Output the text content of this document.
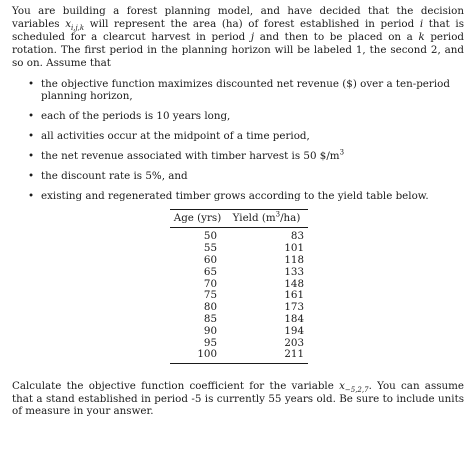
You are building a forest planning model, and have decided that the decision variables $x_{i,j,k}$ will represent the area (ha) of forest established in period i that is scheduled for a clearcut harvest in period j and then to be placed on a k period rotation. The first period in the planning horizon will be labeled 1, the second 2, and so on. Assume that

• the objective function maximizes discounted net revenue ($) over a ten-period planning horizon,
• each of the periods is 10 years long,
• all activities occur at the midpoint of a time period,
• the net revenue associated with timber harvest is 50 $\$/m^3$
• the discount rate is 5%, and
• existing and regenerated timber grows according to the yield table below.
Age (yrs)	Yield $(m^3/ha)$
50	83
55	101
60	118
65	133
70	148
75	161
80	173
85	184
90	194
95	203
100	211

Calculate the objective function coefficient for the variable $x_{-5,2,7}$. You can assume that a stand established in period -5 is currently 55 years old. Be sure to include units of measure in your answer.
